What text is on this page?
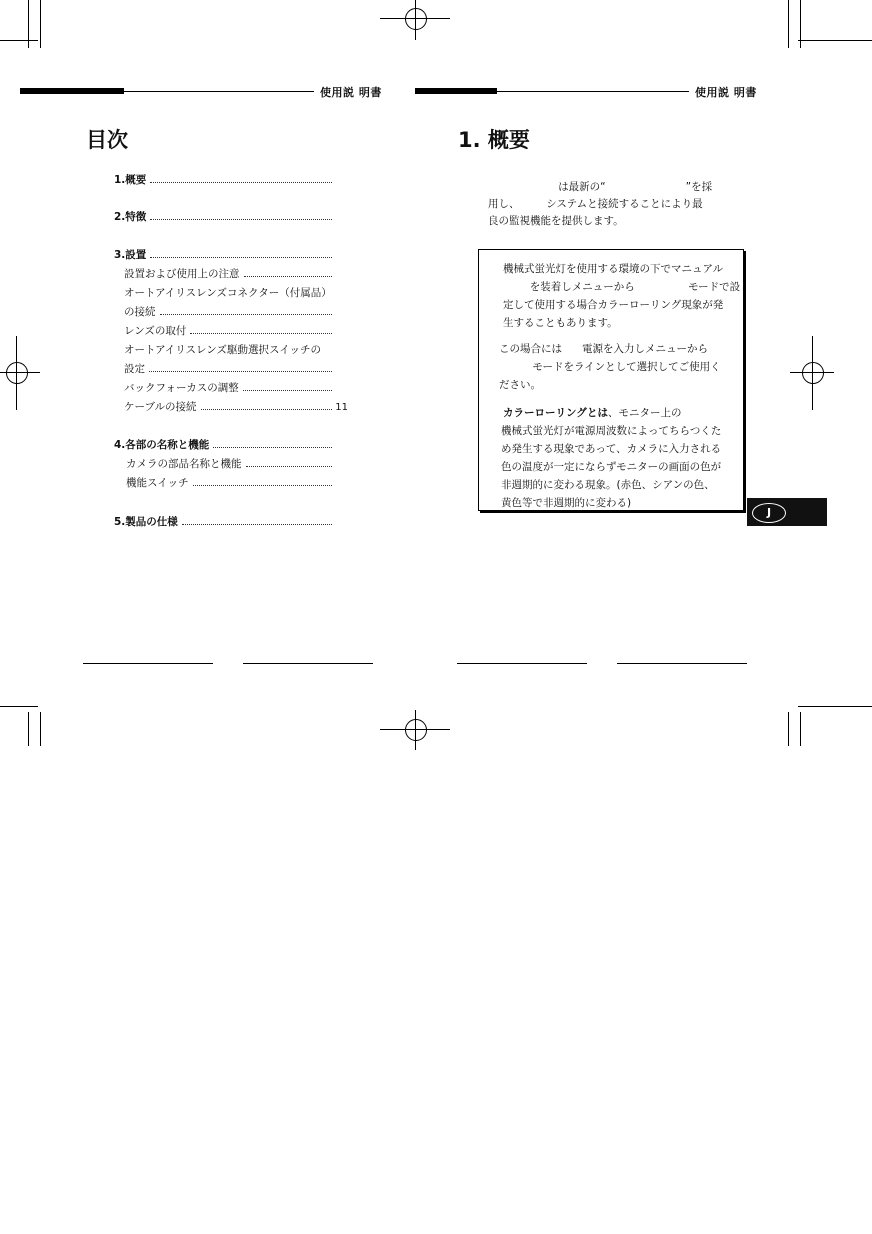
使用説 明書
目次
1.概要
2.特徴
3.設置
設置および使用上の注意
オートアイリスレンズコネクター（付属品）
の接続
レンズの取付
オートアイリスレンズ駆動選択スイッチの
設定
バックフォーカスの調整
ケーブルの接続	11
4.各部の名称と機能
カメラの部品名称と機能
機能スイッチ
5.製品の仕様
使用説 明書
1. 概要
は最新の“                        ”を採
用し、        システムと接続することにより最
良の監視機能を提供します。
機械式蛍光灯を使用する環境の下でマニュアル
を装着しメニューから                モードで設
定して使用する場合カラーローリング現象が発
生することもあります。
この場合には      電源を入力しメニューから
モードをラインとして選択してご使用く
ださい。
カラーローリングとは、モニター上の
機械式蛍光灯が電源周波数によってちらつくた
め発生する現象であって、カメラに入力される
色の温度が一定にならずモニターの画面の色が
非週期的に変わる現象。(赤色、シアンの色、
黄色等で非週期的に変わる)
J
